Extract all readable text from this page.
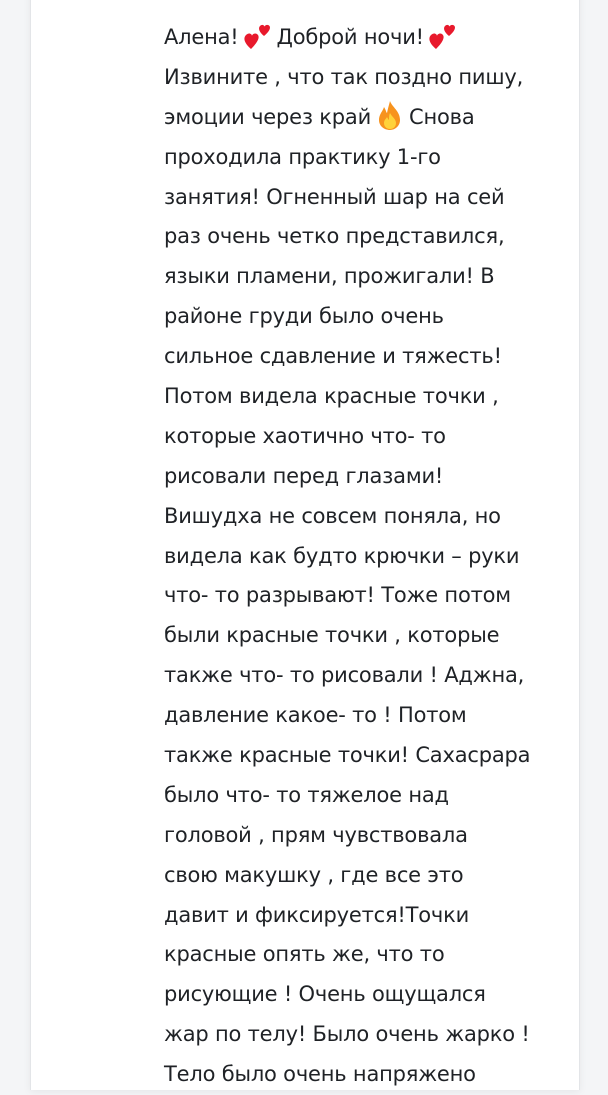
Алена! Доброй ночи!
Извините , что так поздно пишу,
эмоции через край Снова
проходила практику 1-го
занятия! Огненный шар на сей
раз очень четко представился,
языки пламени, прожигали! В
районе груди было очень
сильное сдавление и тяжесть!
Потом видела красные точки ,
которые хаотично что- то
рисовали перед глазами!
Вишудха не совсем поняла, но
видела как будто крючки – руки
что- то разрывают! Тоже потом
были красные точки , которые
также что- то рисовали ! Аджна,
давление какое- то ! Потом
также красные точки! Сахасрара
было что- то тяжелое над
головой , прям чувствовала
свою макушку , где все это
давит и фиксируется!Точки
красные опять же, что то
рисующие ! Очень ощущался
жар по телу! Было очень жарко !
Тело было очень напряжено
